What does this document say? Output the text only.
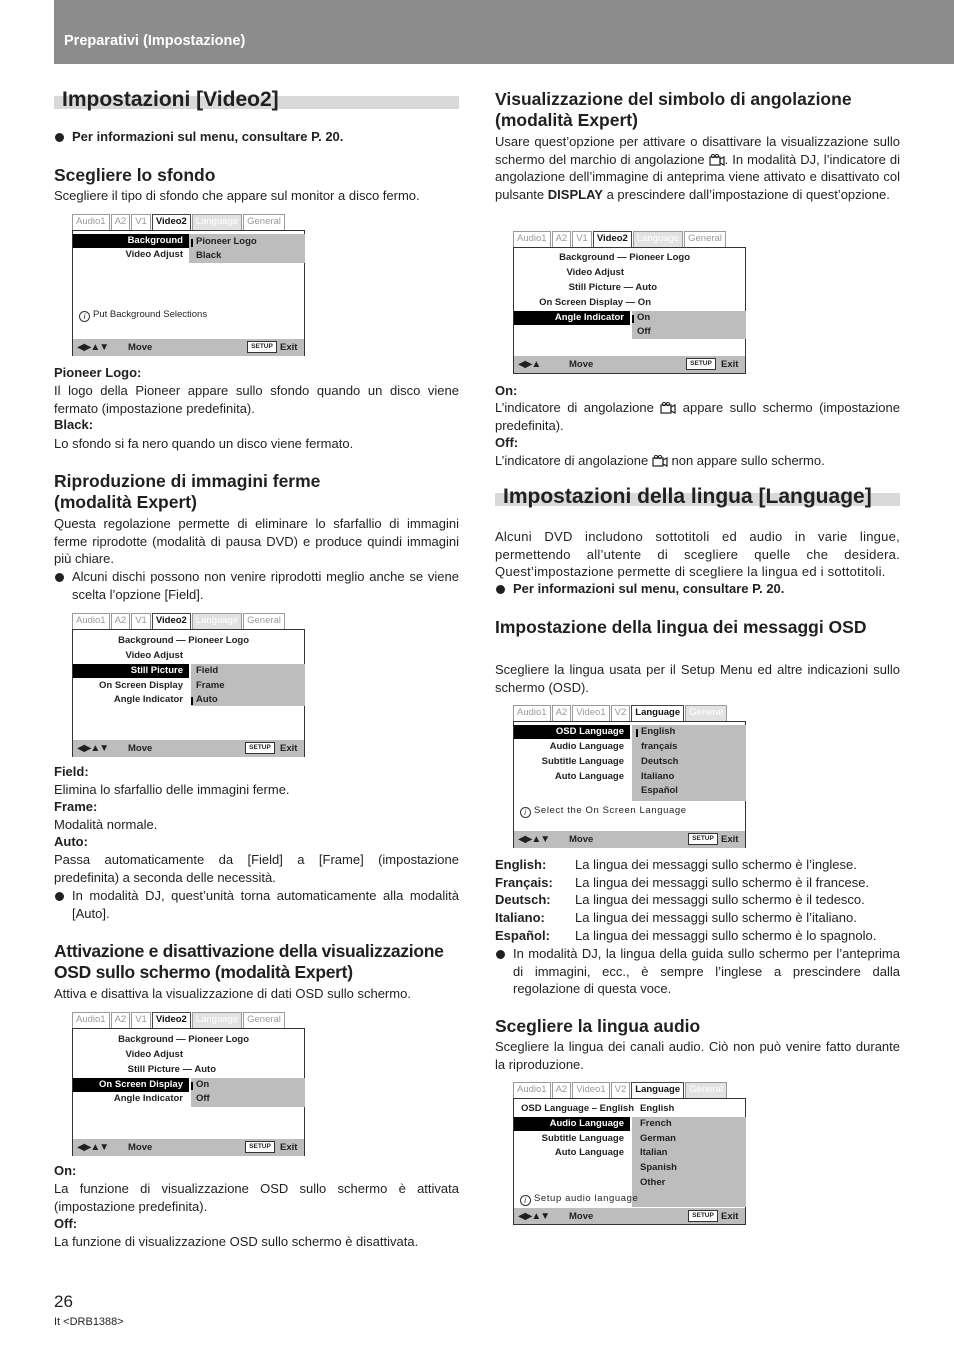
Preparativi (Impostazione)
Impostazioni [Video2]
Per informazioni sul menu, consultare P. 20.
Scegliere lo sfondo
Scegliere il tipo di sfondo che appare sul monitor a disco fermo.
Audio1 A2 V1 Video2 Language General
Background
Video Adjust
Pioneer Logo
Black
i Put Background Selections
◀▶▲▼ Move	SETUP Exit
Pioneer Logo:
Il logo della Pioneer appare sullo sfondo quando un disco viene fermato (impostazione predefinita).
Black:
Lo sfondo si fa nero quando un disco viene fermato.
Riproduzione di immagini ferme (modalità Expert)
Questa regolazione permette di eliminare lo sfarfallio di immagini ferme riprodotte (modalità di pausa DVD) e produce quindi immagini più chiare.
Alcuni dischi possono non venire riprodotti meglio anche se viene scelta l’opzione [Field].
Audio1 A2 V1 Video2 Language General
Background — Pioneer Logo
Video Adjust
Still Picture
On Screen Display
Angle Indicator
Field
Frame
Auto
◀▶▲▼ Move	SETUP Exit
Field:
Elimina lo sfarfallio delle immagini ferme.
Frame:
Modalità normale.
Auto:
Passa automaticamente da [Field] a [Frame] (impostazione predefinita) a seconda delle necessità.
In modalità DJ, quest’unità torna automaticamente alla modalità [Auto].
Attivazione e disattivazione della visualizzazione OSD sullo schermo (modalità Expert)
Attiva e disattiva la visualizzazione di dati OSD sullo schermo.
Audio1 A2 V1 Video2 Language General
Background — Pioneer Logo
Video Adjust
Still Picture — Auto
On Screen Display
Angle Indicator
On
Off
◀▶▲▼ Move	SETUP Exit
On:
La funzione di visualizzazione OSD sullo schermo è attivata (impostazione predefinita).
Off:
La funzione di visualizzazione OSD sullo schermo è disattivata.
Visualizzazione del simbolo di angolazione (modalità Expert)
Usare quest’opzione per attivare o disattivare la visualizzazione sullo schermo del marchio di angolazione . In modalità DJ, l’indicatore di angolazione dell’immagine di anteprima viene attivato e disattivato col pulsante DISPLAY a prescindere dall’impostazione di quest’opzione.
Audio1 A2 V1 Video2 Language General
Background — Pioneer Logo
Video Adjust
Still Picture — Auto
On Screen Display — On
Angle Indicator On
Off
◀▶▲	Move	SETUP Exit
On:
L’indicatore di angolazione appare sullo schermo (impostazione predefinita).
Off:
L’indicatore di angolazione non appare sullo schermo.
Impostazioni della lingua [Language]
Alcuni DVD includono sottotitoli ed audio in varie lingue, permettendo all’utente di scegliere quelle che desidera. Quest’impostazione permette di scegliere la lingua ed i sottotitoli.
Per informazioni sul menu, consultare P. 20.
Impostazione della lingua dei messaggi OSD
Scegliere la lingua usata per il Setup Menu ed altre indicazioni sullo schermo (OSD).
Audio1 A2 Video1 V2 Language General
OSD Language
Audio Language
Subtitle Language
Auto Language
English
français
Deutsch
Italiano
Español
i Select the On Screen Language
◀▶▲▼ Move	SETUP Exit
English: La lingua dei messaggi sullo schermo è l’inglese.
Français: La lingua dei messaggi sullo schermo è il francese.
Deutsch: La lingua dei messaggi sullo schermo è il tedesco.
Italiano: La lingua dei messaggi sullo schermo è l’italiano.
Español: La lingua dei messaggi sullo schermo è lo spagnolo.
In modalità DJ, la lingua della guida sullo schermo per l’anteprima di immagini, ecc., è sempre l’inglese a prescindere dalla regolazione di questa voce.
Scegliere la lingua audio
Scegliere la lingua dei canali audio. Ciò non può venire fatto durante la riproduzione.
Audio1 A2 Video1 V2 Language General
OSD Language – English
Audio Language
Subtitle Language
Auto Language
English
French
German
Italian
Spanish
Other
i Setup audio language
◀▶▲▼ Move	SETUP Exit
26
It <DRB1388>
